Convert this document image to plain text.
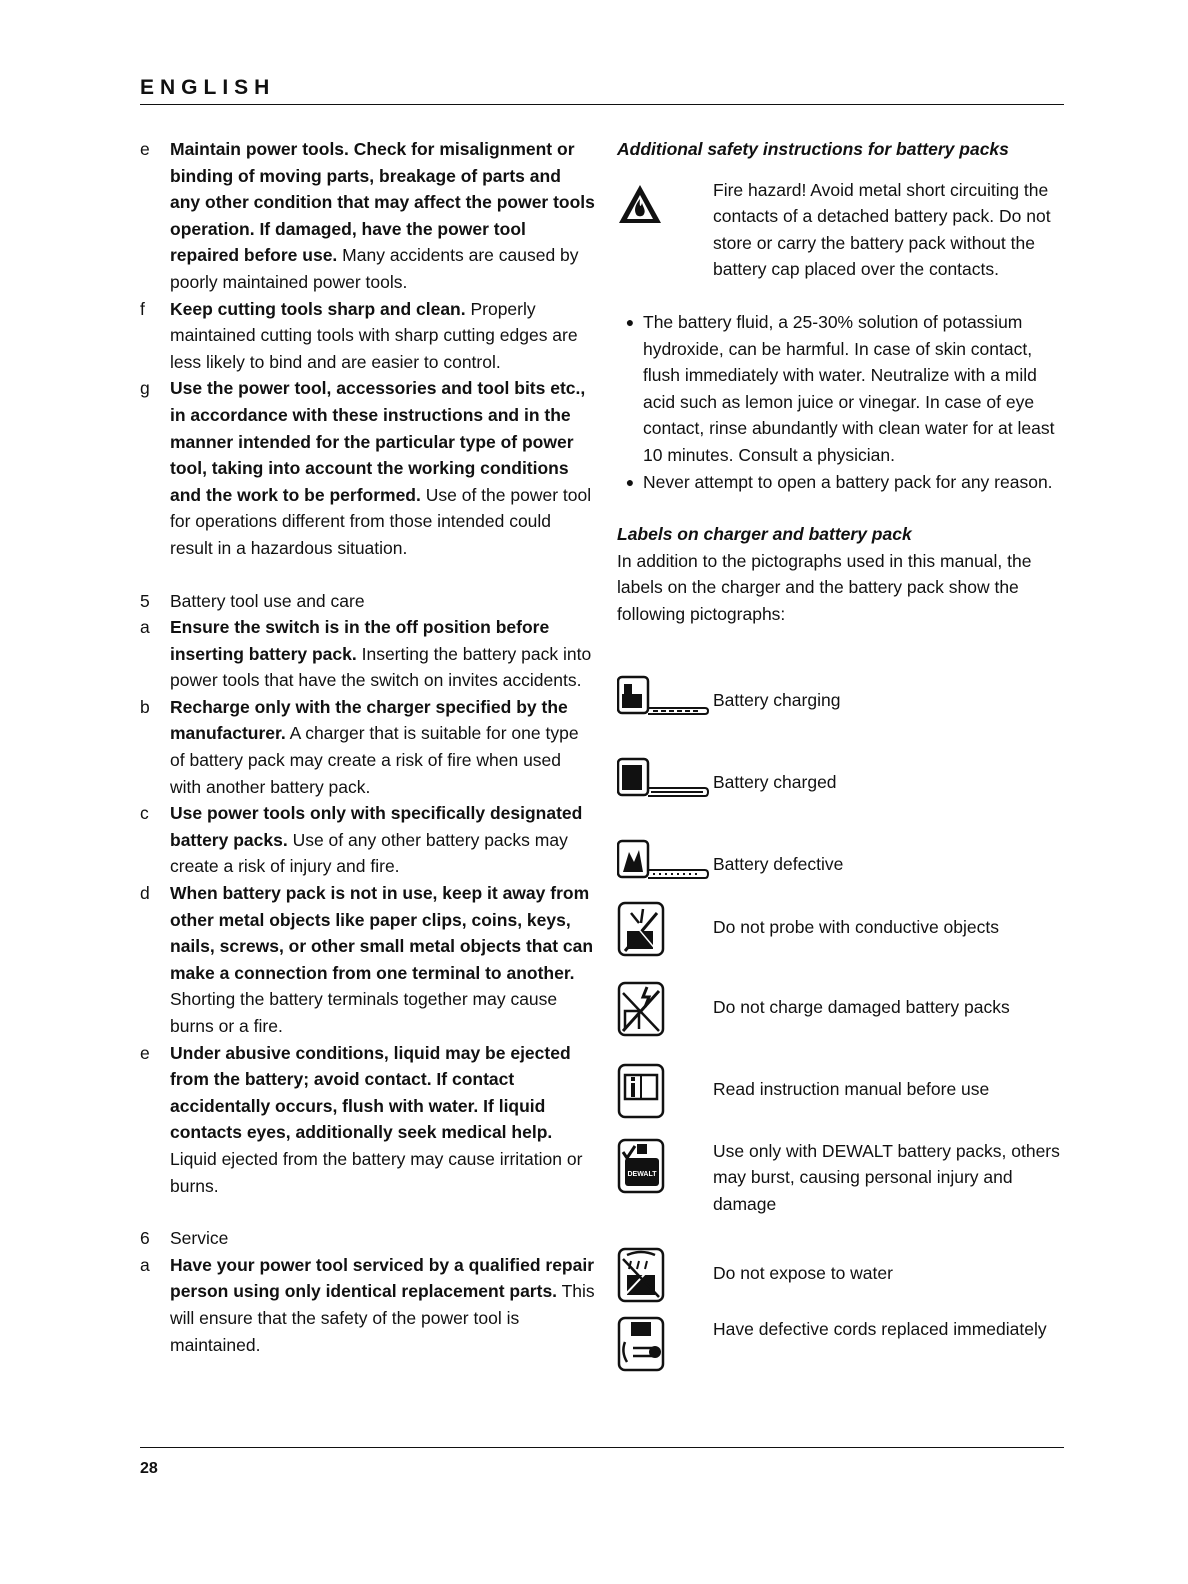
ENGLISH
e	Maintain power tools. Check for misalignment or binding of moving parts, breakage of parts and any other condition that may affect the power tools operation. If damaged, have the power tool repaired before use. Many accidents are caused by poorly maintained power tools.
f	Keep cutting tools sharp and clean. Properly maintained cutting tools with sharp cutting edges are less likely to bind and are easier to control.
g	Use the power tool, accessories and tool bits etc., in accordance with these instructions and in the manner intended for the particular type of power tool, taking into account the working conditions and the work to be performed. Use of the power tool for operations different from those intended could result in a hazardous situation.
5	Battery tool use and care
a	Ensure the switch is in the off position before inserting battery pack. Inserting the battery pack into power tools that have the switch on invites accidents.
b	Recharge only with the charger specified by the manufacturer. A charger that is suitable for one type of battery pack may create a risk of fire when used with another battery pack.
c	Use power tools only with specifically designated battery packs. Use of any other battery packs may create a risk of injury and fire.
d	When battery pack is not in use, keep it away from other metal objects like paper clips, coins, keys, nails, screws, or other small metal objects that can make a connection from one terminal to another. Shorting the battery terminals together may cause burns or a fire.
e	Under abusive conditions, liquid may be ejected from the battery; avoid contact. If contact accidentally occurs, flush with water. If liquid contacts eyes, additionally seek medical help. Liquid ejected from the battery may cause irritation or burns.
6	Service
a	Have your power tool serviced by a qualified repair person using only identical replacement parts. This will ensure that the safety of the power tool is maintained.
Additional safety instructions for battery packs
Fire hazard! Avoid metal short circuiting the contacts of a detached battery pack. Do not store or carry the battery pack without the battery cap placed over the contacts.
● The battery fluid, a 25-30% solution of potassium hydroxide, can be harmful. In case of skin contact, flush immediately with water. Neutralize with a mild acid such as lemon juice or vinegar. In case of eye contact, rinse abundantly with clean water for at least 10 minutes. Consult a physician.
● Never attempt to open a battery pack for any reason.
Labels on charger and battery pack
In addition to the pictographs used in this manual, the labels on the charger and the battery pack show the following pictographs:
Battery charging
Battery charged
Battery defective
Do not probe with conductive objects
Do not charge damaged battery packs
Read instruction manual before use
DEWALT
Use only with DEWALT battery packs, others may burst, causing personal injury and damage
Do not expose to water
Have defective cords replaced immediately
28
